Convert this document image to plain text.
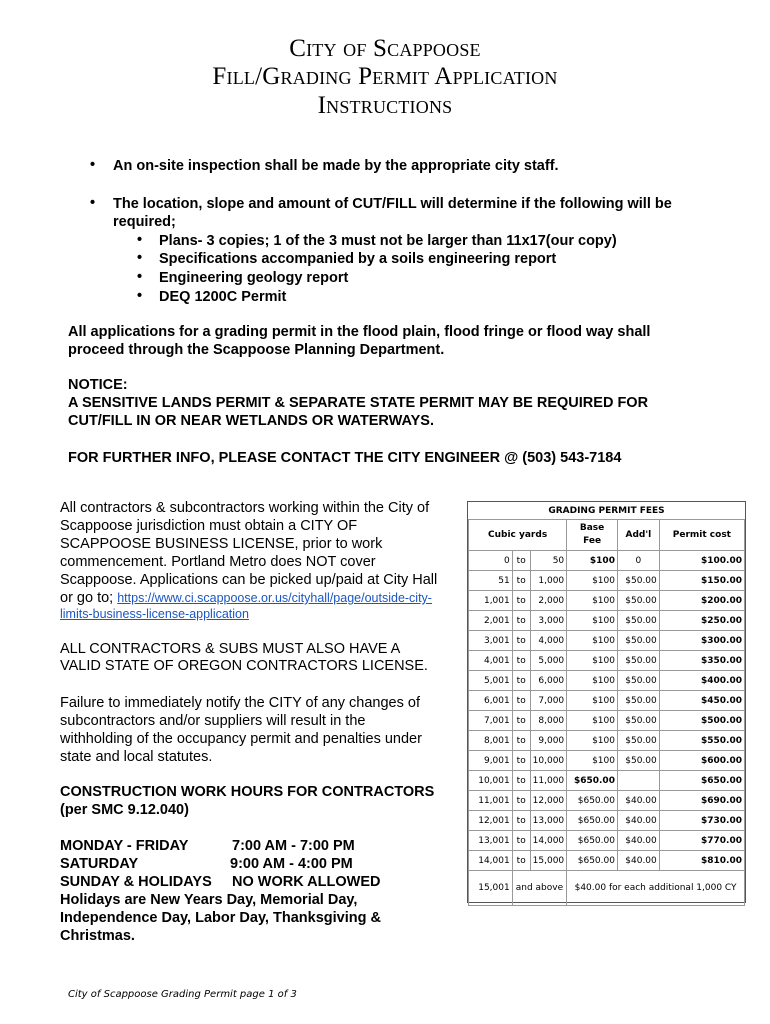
City of Scappoose
Fill/Grading Permit Application
Instructions
• An on-site inspection shall be made by the appropriate city staff.
• The location, slope and amount of CUT/FILL will determine if the following will be
required;
• Plans- 3 copies; 1 of the 3 must not be larger than 11x17(our copy)
• Specifications accompanied by a soils engineering report
• Engineering geology report
• DEQ 1200C Permit
All applications for a grading permit in the flood plain, flood fringe or flood way shall
proceed through the Scappoose Planning Department.
NOTICE:
A SENSITIVE LANDS PERMIT & SEPARATE STATE PERMIT MAY BE REQUIRED FOR
CUT/FILL IN OR NEAR WETLANDS OR WATERWAYS.
FOR FURTHER INFO, PLEASE CONTACT THE CITY ENGINEER @ (503) 543-7184
All contractors & subcontractors working within the City of
Scappoose jurisdiction must obtain a CITY OF
SCAPPOOSE BUSINESS LICENSE, prior to work
commencement. Portland Metro does NOT cover
Scappoose. Applications can be picked up/paid at City Hall
or go to; https://www.ci.scappoose.or.us/cityhall/page/outside-city-
limits-business-license-application
ALL CONTRACTORS & SUBS MUST ALSO HAVE A
VALID STATE OF OREGON CONTRACTORS LICENSE.
Failure to immediately notify the CITY of any changes of
subcontractors and/or suppliers will result in the
withholding of the occupancy permit and penalties under
state and local statutes.
CONSTRUCTION WORK HOURS FOR CONTRACTORS
(per SMC 9.12.040)
MONDAY - FRIDAY	7:00 AM - 7:00 PM
SATURDAY	9:00 AM - 4:00 PM
SUNDAY & HOLIDAYS NO WORK ALLOWED
Holidays are New Years Day, Memorial Day,
Independence Day, Labor Day, Thanksgiving &
Christmas.
GRADING PERMIT FEES					
Cubic yards			Base Fee	Add'l	Permit cost
0	to	50	$100	0	$100.00
51	to	1,000	$100	$50.00	$150.00
1,001	to	2,000	$100	$50.00	$200.00
2,001	to	3,000	$100	$50.00	$250.00
3,001	to	4,000	$100	$50.00	$300.00
4,001	to	5,000	$100	$50.00	$350.00
5,001	to	6,000	$100	$50.00	$400.00
6,001	to	7,000	$100	$50.00	$450.00
7,001	to	8,000	$100	$50.00	$500.00
8,001	to	9,000	$100	$50.00	$550.00
9,001	to	10,000	$100	$50.00	$600.00
10,001	to	11,000	$650.00		$650.00
11,001	to	12,000	$650.00	$40.00	$690.00
12,001	to	13,000	$650.00	$40.00	$730.00
13,001	to	14,000	$650.00	$40.00	$770.00
14,001	to	15,000	$650.00	$40.00	$810.00
15,001	and above		$40.00 for each additional 1,000 CY		
City of Scappoose Grading Permit page 1 of 3
